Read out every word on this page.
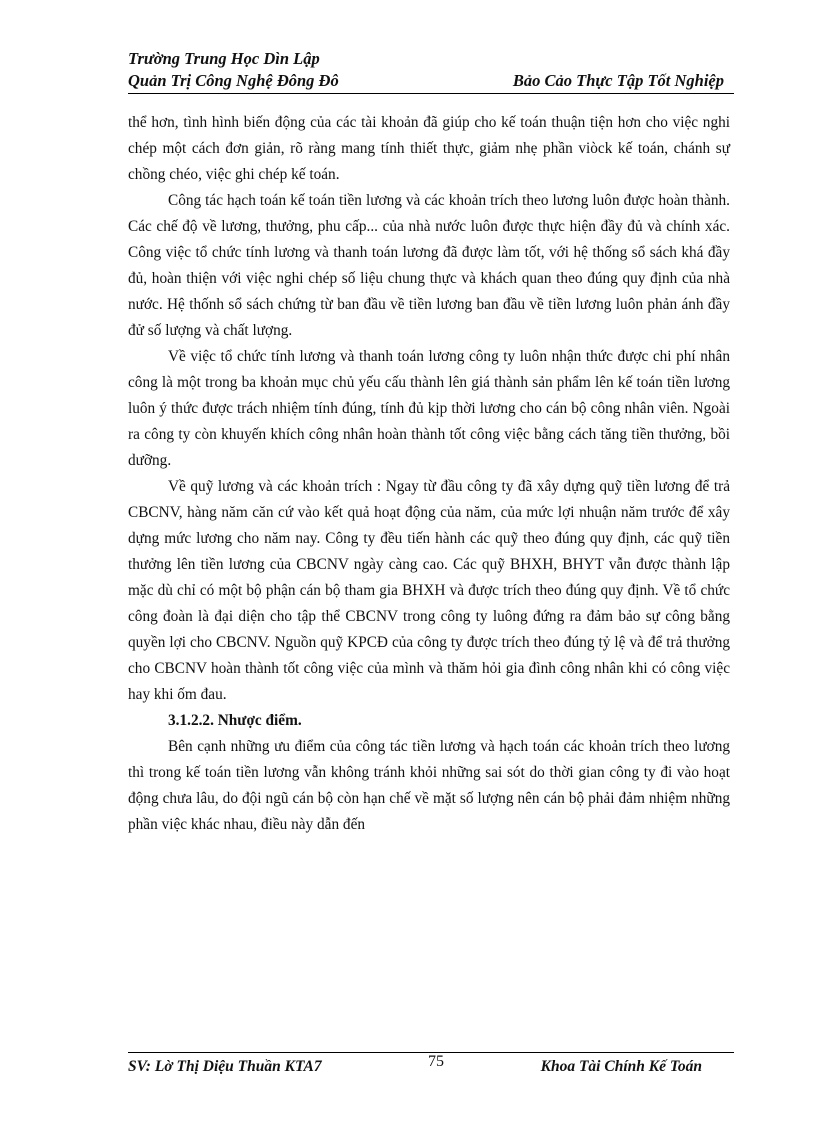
Trường Trung Học Dìn Lập
Quản Trị Công Nghệ Đông Đô	Bảo Cảo Thực Tập Tốt Nghiệp

thể hơn, tình hình biến động của các tài khoản đã giúp cho kế toán thuận tiện hơn cho việc nghi chép một cách đơn giản, rõ ràng mang tính thiết thực, giảm nhẹ phần viòck kế toán, chánh sự chồng chéo, việc ghi chép kế toán.

Công tác hạch toán kế toán tiền lương và các khoản trích theo lương luôn được hoàn thành. Các chế độ về lương, thưởng, phu cấp... của nhà nước luôn được thực hiện đầy đủ và chính xác. Công việc tổ chức tính lương và thanh toán lương đã được làm tốt, với hệ thống sổ sách khá đầy đủ, hoàn thiện với việc nghi chép số liệu chung thực và khách quan theo đúng quy định của nhà nước. Hệ thốnh sổ sách chứng từ ban đầu về tiền lương ban đầu về tiền lương luôn phản ánh đầy đử số lượng và chất lượng.

Về việc tổ chức tính lương và thanh toán lương công ty luôn nhận thức được chi phí nhân công là một trong ba khoản mục chủ yếu cấu thành lên giá thành sản phẩm lên kế toán tiền lương luôn ý thức được trách nhiệm tính đúng, tính đủ kịp thời lương cho cán bộ công nhân viên. Ngoài ra công ty còn khuyến khích công nhân hoàn thành tốt công việc bằng cách tăng tiền thưởng, bồi dưỡng.

Về quỹ lương và các khoản trích : Ngay từ đầu công ty đã xây dựng quỹ tiền lương để trả CBCNV, hàng năm căn cứ vào kết quả hoạt động của năm, của mức lợi nhuận năm trước để xây dựng mức lương cho năm nay. Công ty đều tiến hành các quỹ theo đúng quy định, các quỹ tiền thưởng lên tiền lương của CBCNV ngày càng cao. Các quỹ BHXH, BHYT vẫn được thành lập mặc dù chỉ có một bộ phận cán bộ tham gia BHXH và được trích theo đúng quy định. Về tổ chức công đoàn là đại diện cho tập thể CBCNV trong công ty luông đứng ra đảm bảo sự công bằng quyền lợi cho CBCNV. Nguồn quỹ KPCĐ của công ty được trích theo đúng tỷ lệ và để trả thưởng cho CBCNV hoàn thành tốt công việc của mình và thăm hỏi gia đình công nhân khi có công việc hay khi ốm đau.

3.1.2.2. Nhược điểm.

Bên cạnh những ưu điểm của công tác tiền lương và hạch toán các khoản trích theo lương thì trong kế toán tiền lương vẫn không tránh khỏi những sai sót do thời gian công ty đi vào hoạt động chưa lâu, do đội ngũ cán bộ còn hạn chế về mặt số lượng nên cán bộ phải đảm nhiệm những phần việc khác nhau, điều này dẫn đến

SV: Lờ Thị Diệu Thuần KTA7	75	Khoa Tài Chính Kế Toán
